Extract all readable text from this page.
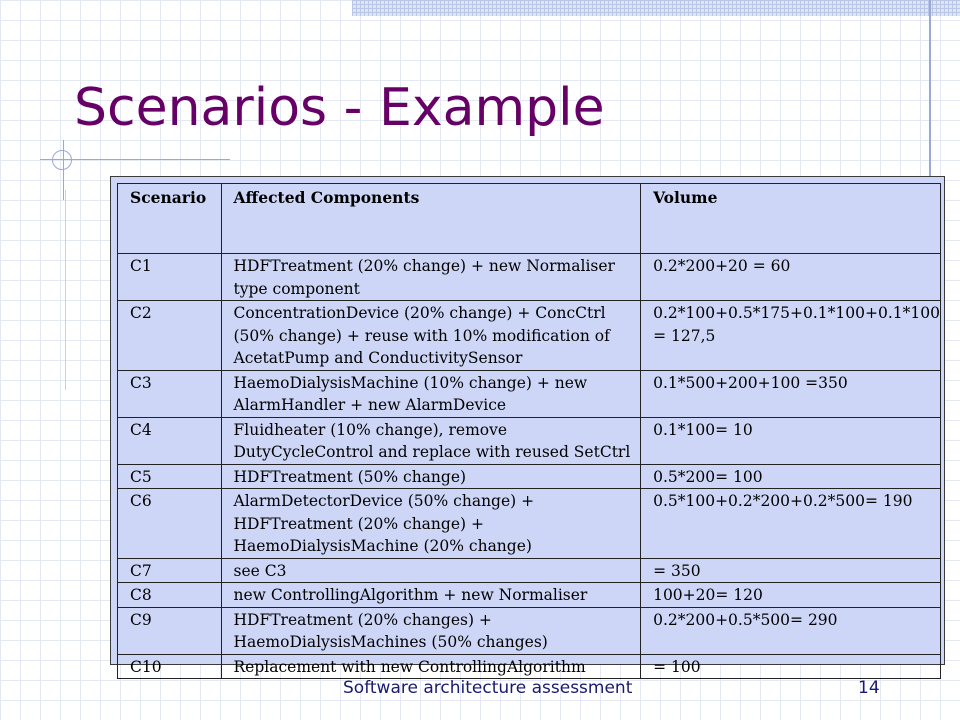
Scenarios - Example
Scenario	Affected Components	Volume
C1	HDFTreatment (20% change) + new Normaliser type component	0.2*200+20 = 60
C2	ConcentrationDevice (20% change) + ConcCtrl (50% change) + reuse with 10% modification of AcetatPump and ConductivitySensor	0.2*100+0.5*175+0.1*100+0.1*100 = 127,5
C3	HaemoDialysisMachine (10% change) + new AlarmHandler + new AlarmDevice	0.1*500+200+100 =350
C4	Fluidheater (10% change), remove DutyCycleControl and replace with reused SetCtrl	0.1*100= 10
C5	HDFTreatment (50% change)	0.5*200= 100
C6	AlarmDetectorDevice (50% change) + HDFTreatment (20% change) + HaemoDialysisMachine (20% change)	0.5*100+0.2*200+0.2*500= 190
C7	see C3	= 350
C8	new ControllingAlgorithm + new Normaliser	100+20= 120
C9	HDFTreatment (20% changes) + HaemoDialysisMachines (50% changes)	0.2*200+0.5*500= 290
C10	Replacement with new ControllingAlgorithm	= 100
Software architecture assessment	14
